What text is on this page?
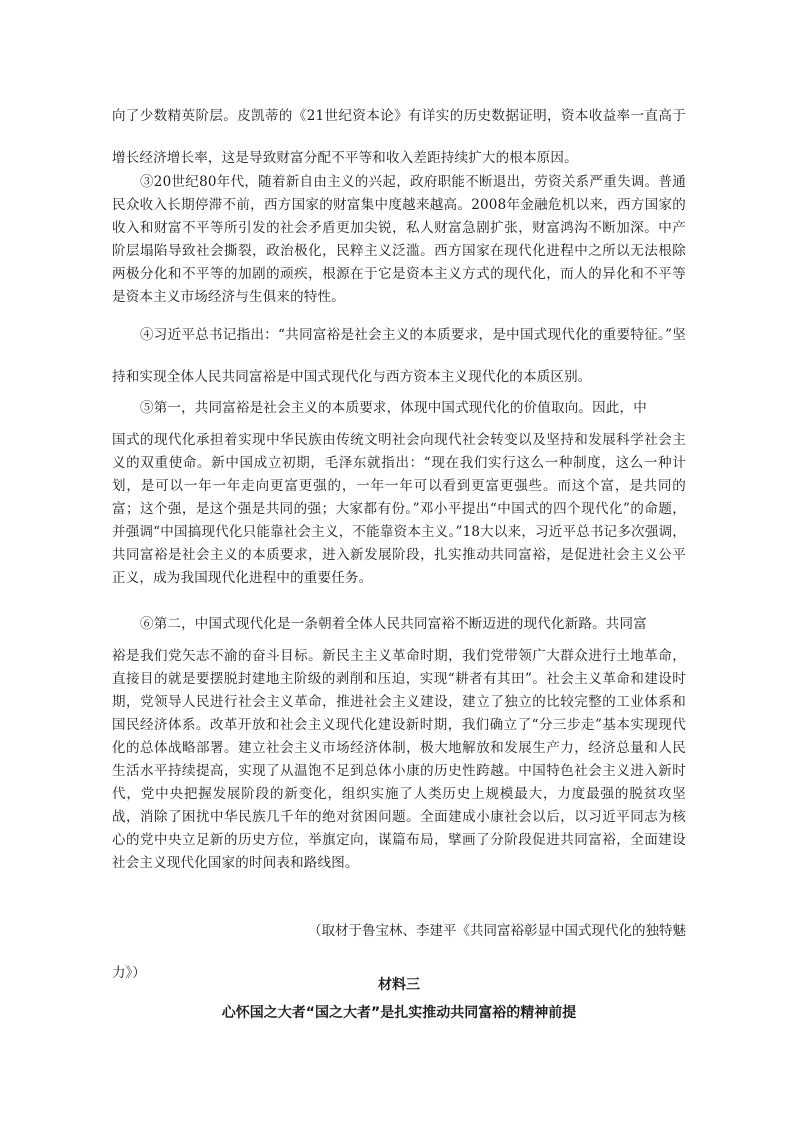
向了少数精英阶层。皮凯蒂的《21世纪资本论》有详实的历史数据证明，资本收益率一直高于增长经济增长率，这是导致财富分配不平等和收入差距持续扩大的根本原因。

③20世纪80年代，随着新自由主义的兴起，政府职能不断退出，劳资关系严重失调。普通民众收入长期停滞不前，西方国家的财富集中度越来越高。2008年金融危机以来，西方国家的收入和财富不平等所引发的社会矛盾更加尖锐，私人财富急剧扩张，财富鸿沟不断加深。中产阶层塌陷导致社会撕裂，政治极化，民粹主义泛滥。西方国家在现代化进程中之所以无法根除两极分化和不平等的加剧的顽疾，根源在于它是资本主义方式的现代化，而人的异化和不平等是资本主义市场经济与生俱来的特性。

④习近平总书记指出：“共同富裕是社会主义的本质要求，是中国式现代化的重要特征。”坚持和实现全体人民共同富裕是中国式现代化与西方资本主义现代化的本质区别。

⑤第一，共同富裕是社会主义的本质要求，体现中国式现代化的价值取向。因此，中

国式的现代化承担着实现中华民族由传统文明社会向现代社会转变以及坚持和发展科学社会主义的双重使命。新中国成立初期，毛泽东就指出：“现在我们实行这么一种制度，这么一种计划，是可以一年一年走向更富更强的，一年一年可以看到更富更强些。而这个富，是共同的富；这个强，是这个强是共同的强；大家都有份。”邓小平提出“中国式的四个现代化”的命题，并强调“中国搞现代化只能靠社会主义，不能靠资本主义。”18大以来，习近平总书记多次强调，共同富裕是社会主义的本质要求，进入新发展阶段，扎实推动共同富裕，是促进社会主义公平正义，成为我国现代化进程中的重要任务。

⑥第二，中国式现代化是一条朝着全体人民共同富裕不断迈进的现代化新路。共同富

裕是我们党矢志不渝的奋斗目标。新民主主义革命时期，我们党带领广大群众进行土地革命，直接目的就是要摆脱封建地主阶级的剥削和压迫，实现“耕者有其田”。社会主义革命和建设时期，党领导人民进行社会主义革命，推进社会主义建设，建立了独立的比较完整的工业体系和国民经济体系。改革开放和社会主义现代化建设新时期，我们确立了“分三步走”基本实现现代化的总体战略部署。建立社会主义市场经济体制，极大地解放和发展生产力，经济总量和人民生活水平持续提高，实现了从温饱不足到总体小康的历史性跨越。中国特色社会主义进入新时代，党中央把握发展阶段的新变化，组织实施了人类历史上规模最大，力度最强的脱贫攻坚战，消除了困扰中华民族几千年的绝对贫困问题。全面建成小康社会以后，以习近平同志为核心的党中央立足新的历史方位，举旗定向，谋篇布局，擘画了分阶段促进共同富裕，全面建设社会主义现代化国家的时间表和路线图。

（取材于鲁宝林、李建平《共同富裕彰显中国式现代化的独特魅力》）

材料三

心怀国之大者“国之大者”是扎实推动共同富裕的精神前提
